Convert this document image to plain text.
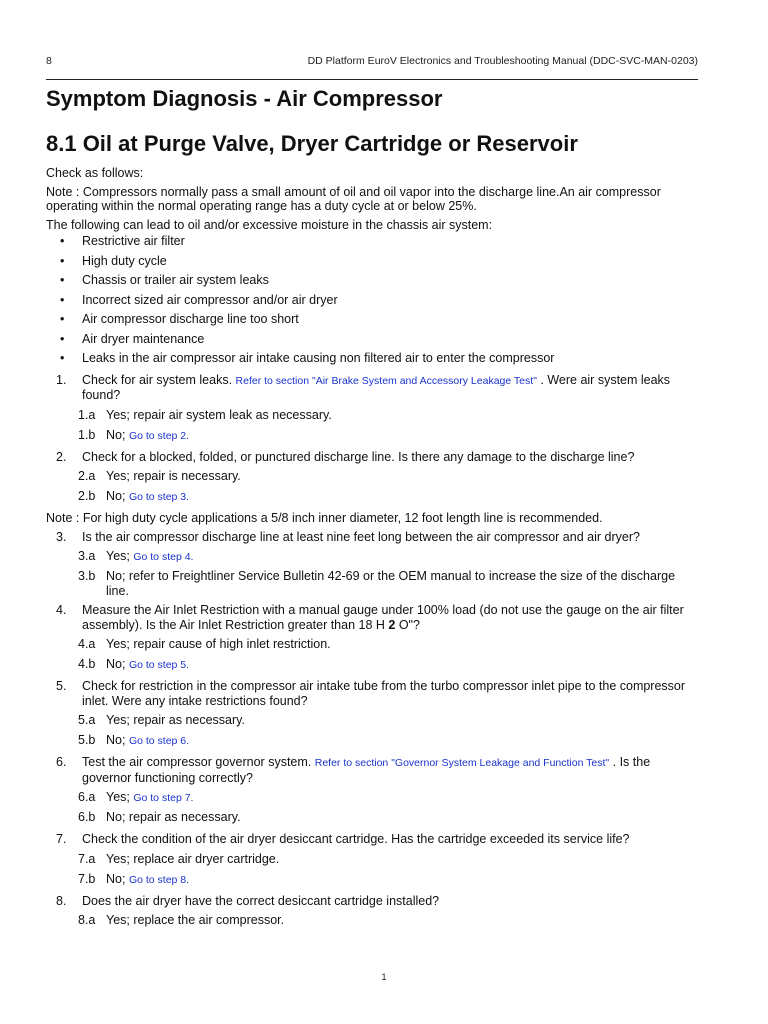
8	DD Platform EuroV Electronics and Troubleshooting Manual (DDC-SVC-MAN-0203)
Symptom Diagnosis - Air Compressor
8.1 Oil at Purge Valve, Dryer Cartridge or Reservoir
Check as follows:
Note : Compressors normally pass a small amount of oil and oil vapor into the discharge line.An air compressor operating within the normal operating range has a duty cycle at or below 25%.
The following can lead to oil and/or excessive moisture in the chassis air system:
• Restrictive air filter
• High duty cycle
• Chassis or trailer air system leaks
• Incorrect sized air compressor and/or air dryer
• Air compressor discharge line too short
• Air dryer maintenance
• Leaks in the air compressor air intake causing non filtered air to enter the compressor
1. Check for air system leaks. Refer to section "Air Brake System and Accessory Leakage Test" . Were air system leaks found?
1.a Yes; repair air system leak as necessary.
1.b No; Go to step 2.
2. Check for a blocked, folded, or punctured discharge line. Is there any damage to the discharge line?
2.a Yes; repair is necessary.
2.b No; Go to step 3.
Note : For high duty cycle applications a 5/8 inch inner diameter, 12 foot length line is recommended.
3. Is the air compressor discharge line at least nine feet long between the air compressor and air dryer?
3.a Yes; Go to step 4.
3.b No; refer to Freightliner Service Bulletin 42-69 or the OEM manual to increase the size of the discharge line.
4. Measure the Air Inlet Restriction with a manual gauge under 100% load (do not use the gauge on the air filter assembly). Is the Air Inlet Restriction greater than 18 H 2 O"?
4.a Yes; repair cause of high inlet restriction.
4.b No; Go to step 5.
5. Check for restriction in the compressor air intake tube from the turbo compressor inlet pipe to the compressor inlet. Were any intake restrictions found?
5.a Yes; repair as necessary.
5.b No; Go to step 6.
6. Test the air compressor governor system. Refer to section "Governor System Leakage and Function Test" . Is the governor functioning correctly?
6.a Yes; Go to step 7.
6.b No; repair as necessary.
7. Check the condition of the air dryer desiccant cartridge. Has the cartridge exceeded its service life?
7.a Yes; replace air dryer cartridge.
7.b No; Go to step 8.
8. Does the air dryer have the correct desiccant cartridge installed?
8.a Yes; replace the air compressor.
1
